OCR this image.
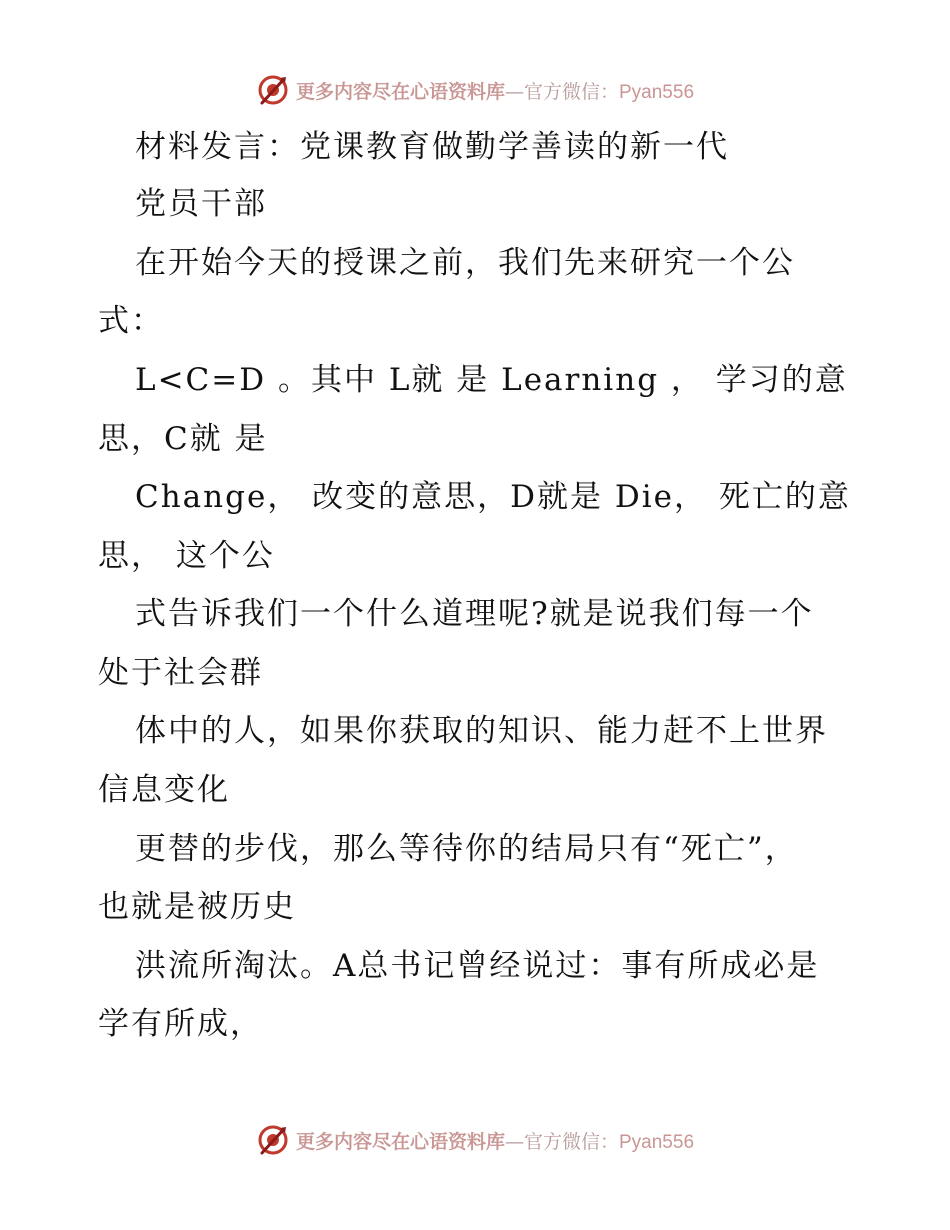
更多内容尽在心语资料库—官方微信：Pyan556
材料发言：党课教育做勤学善读的新一代
党员干部
在开始今天的授课之前，我们先来研究一个公
式：
L<C=D 。其中 L就 是 Learning ， 学习的意
思，C就 是
Change， 改变的意思，D就是 Die， 死亡的意
思， 这个公
式告诉我们一个什么道理呢?就是说我们每一个
处于社会群
体中的人，如果你获取的知识、能力赶不上世界
信息变化
更替的步伐，那么等待你的结局只有“死亡”，
也就是被历史
洪流所淘汰。A总书记曾经说过：事有所成必是
学有所成，
更多内容尽在心语资料库—官方微信：Pyan556
